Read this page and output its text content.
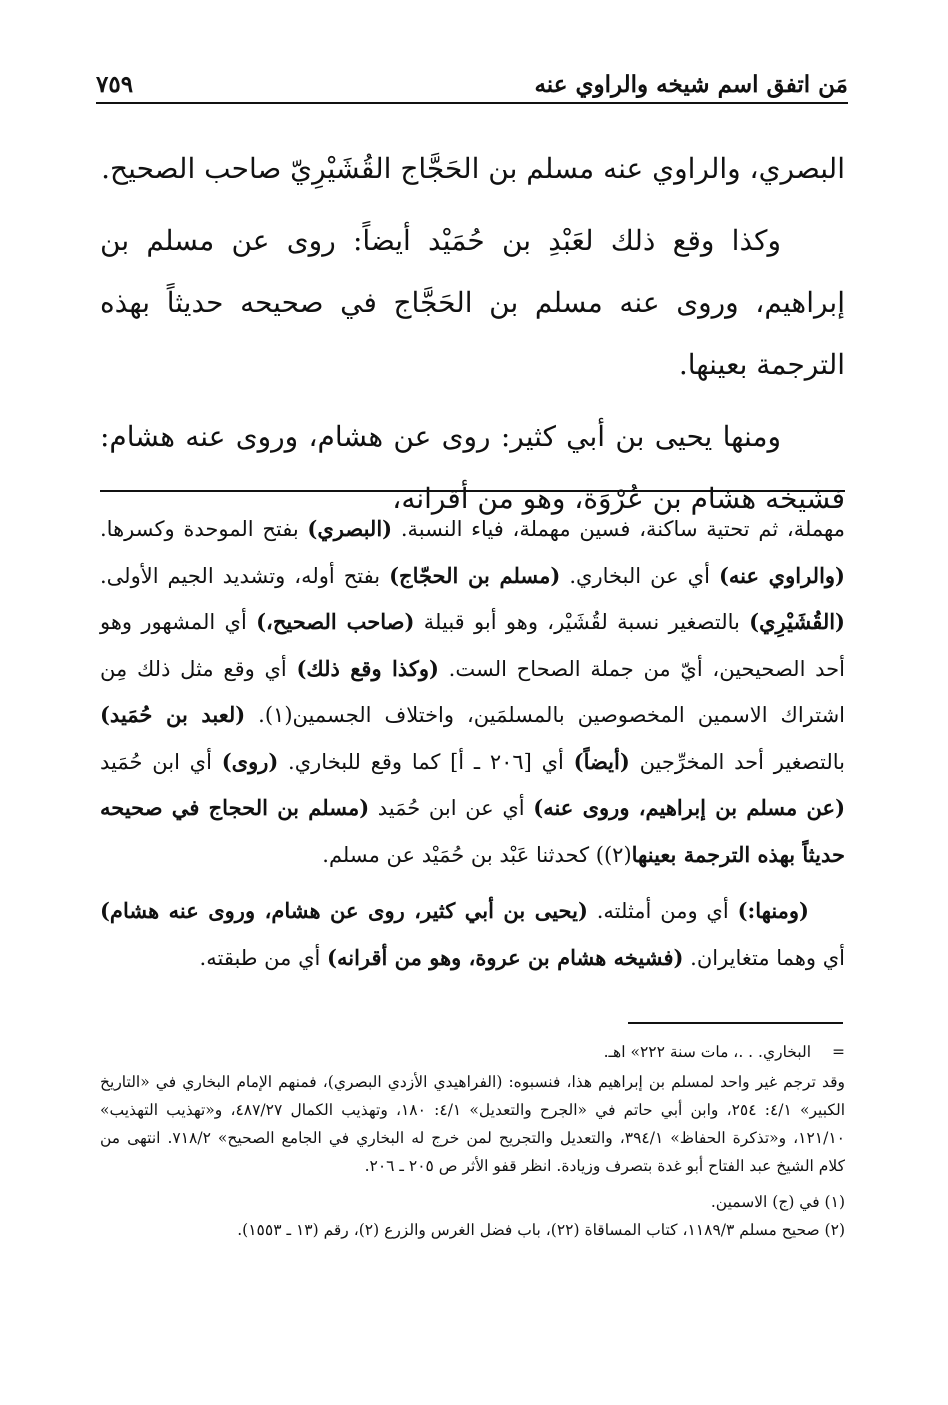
مَن اتفق اسم شيخه والراوي عنه
٧٥٩

البصري، والراوي عنه مسلم بن الحَجَّاج القُشَيْرِيّ صاحب الصحيح.

وكذا وقع ذلك لعَبْدِ بن حُمَيْد أيضاً: روى عن مسلم بن إبراهيم، وروى عنه مسلم بن الحَجَّاج في صحيحه حديثاً بهذه الترجمة بعينها.

ومنها يحيى بن أبي كثير: روى عن هشام، وروى عنه هشام: فشيخه هشام بن عُرْوَة، وهو من أقرانه،

مهملة، ثم تحتية ساكنة، فسين مهملة، فياء النسبة. (البصري) بفتح الموحدة وكسرها. (والراوي عنه) أي عن البخاري. (مسلم بن الحجّاج) بفتح أوله، وتشديد الجيم الأولى. (القُشَيْرِي) بالتصغير نسبة لقُشَيْر، وهو أبو قبيلة (صاحب الصحيح،) أي المشهور وهو أحد الصحيحين، أيّ من جملة الصحاح الست. (وكذا وقع ذلك) أي وقع مثل ذلك مِن اشتراك الاسمين المخصوصين بالمسلمَين، واختلاف الجسمين(١). (لعبد بن حُمَيد) بالتصغير أحد المخرِّجين (أيضاً) أي [٢٠٦ ـ أ] كما وقع للبخاري. (روى) أي ابن حُمَيد (عن مسلم بن إبراهيم، وروى عنه) أي عن ابن حُمَيد (مسلم بن الحجاج في صحيحه حديثاً بهذه الترجمة بعينها(٢)) كحدثنا عَبْد بن حُمَيْد عن مسلم.

(ومنها:) أي ومن أمثلته. (يحيى بن أبي كثير، روى عن هشام، وروى عنه هشام) أي وهما متغايران. (فشيخه هشام بن عروة، وهو من أقرانه) أي من طبقته.

=البخاري. . .، مات سنة ٢٢٢» اهـ.

وقد ترجم غير واحد لمسلم بن إبراهيم هذا، فنسبوه: (الفراهيدي الأزدي البصري)، فمنهم الإمام البخاري في «التاريخ الكبير» ٤/١: ٢٥٤، وابن أبي حاتم في «الجرح والتعديل» ٤/١: ١٨٠، وتهذيب الكمال ٤٨٧/٢٧، و«تهذيب التهذيب» ١٢١/١٠، و«تذكرة الحفاظ» ٣٩٤/١، والتعديل والتجريح لمن خرج له البخاري في الجامع الصحيح» ٧١٨/٢. انتهى من كلام الشيخ عبد الفتاح أبو غدة بتصرف وزيادة. انظر قفو الأثر ص ٢٠٥ ـ ٢٠٦.

(١) في (ج) الاسمين.

(٢) صحيح مسلم ١١٨٩/٣، كتاب المساقاة (٢٢)، باب فضل الغرس والزرع (٢)، رقم (١٣ ـ ١٥٥٣).
